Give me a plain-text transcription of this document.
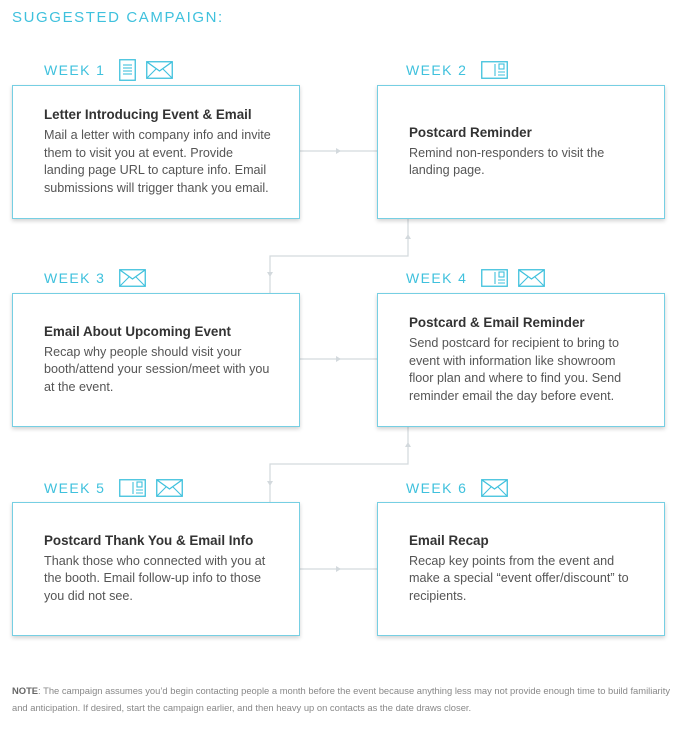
SUGGESTED CAMPAIGN:
WEEK 1
Letter Introducing Event & Email
Mail a letter with company info and invite them to visit you at event. Provide landing page URL to capture info. Email submissions will trigger thank you email.
WEEK 2
Postcard Reminder
Remind non-responders to visit the landing page.
WEEK 3
Email About Upcoming Event
Recap why people should visit your booth/attend your session/meet with you at the event.
WEEK 4
Postcard & Email Reminder
Send postcard for recipient to bring to event with information like showroom floor plan and where to find you. Send reminder email the day before event.
WEEK 5
Postcard Thank You & Email Info
Thank those who connected with you at the booth. Email follow-up info to those you did not see.
WEEK 6
Email Recap
Recap key points from the event and make a special “event offer/discount” to recipients.
NOTE: The campaign assumes you’d begin contacting people a month before the event because anything less may not provide enough time to build familiarity and anticipation. If desired, start the campaign earlier, and then heavy up on contacts as the date draws closer.
